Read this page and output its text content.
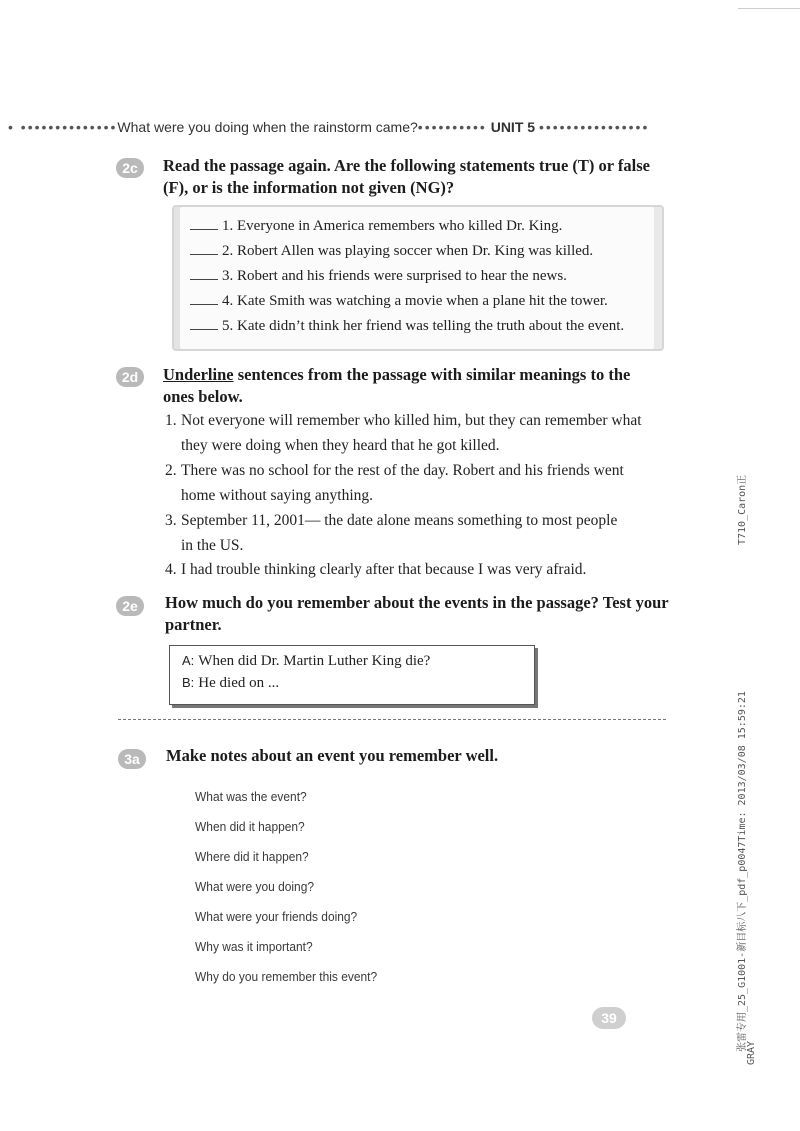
• ••••••••••••••What were you doing when the rainstorm came?•••••••••• UNIT 5 ••••••••••••••••
2c	Read the passage again. Are the following statements true (T) or false
(F), or is the information not given (NG)?
1. Everyone in America remembers who killed Dr. King.
2. Robert Allen was playing soccer when Dr. King was killed.
3. Robert and his friends were surprised to hear the news.
4. Kate Smith was watching a movie when a plane hit the tower.
5. Kate didn’t think her friend was telling the truth about the event.
2d	Underline sentences from the passage with similar meanings to the
ones below.
1. Not everyone will remember who killed him, but they can remember what
they were doing when they heard that he got killed.
2. There was no school for the rest of the day. Robert and his friends went
home without saying anything.
3. September 11, 2001— the date alone means something to most people
in the US.
4. I had trouble thinking clearly after that because I was very afraid.
2e	How much do you remember about the events in the passage? Test your
partner.
A: When did Dr. Martin Luther King die?
B: He died on ...
3a	Make notes about an event you remember well.
What was the event?
When did it happen?
Where did it happen?
What were you doing?
What were your friends doing?
Why was it important?
Why do you remember this event?
39
T710_Caron正
张雷专用_25_G1001-新目标八下_pdf_p0047Time: 2013/03/08 15:59:21
GRAY
